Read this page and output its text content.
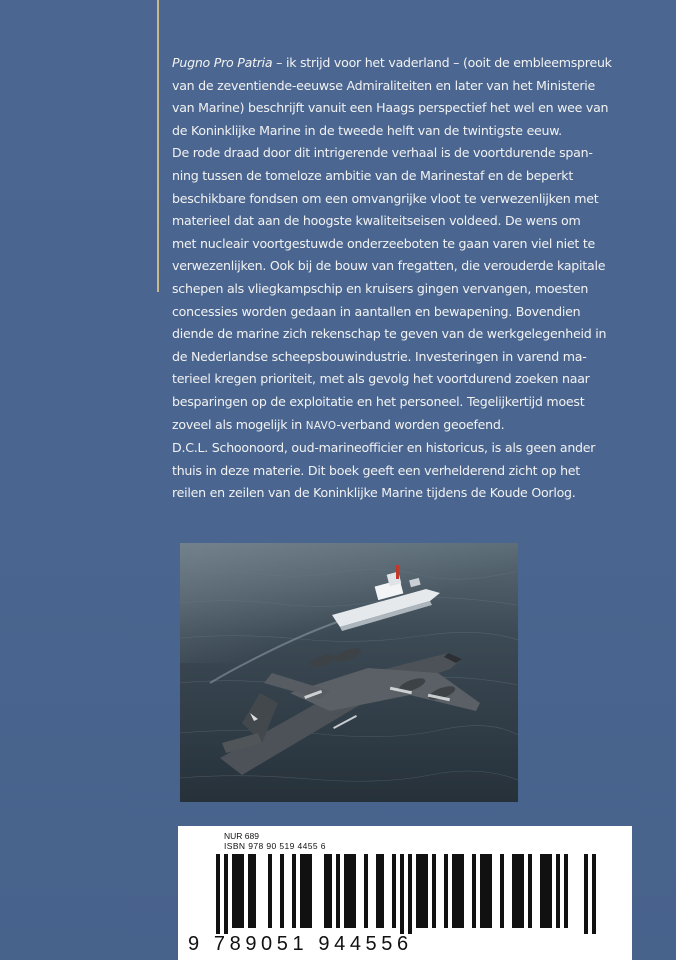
Pugno Pro Patria – ik strijd voor het vaderland – (ooit de embleemspreuk
van de zeventiende-eeuwse Admiraliteiten en later van het Ministerie
van Marine) beschrijft vanuit een Haags perspectief het wel en wee van
de Koninklijke Marine in de tweede helft van de twintigste eeuw.

De rode draad door dit intrigerende verhaal is de voortdurende span-
ning tussen de tomeloze ambitie van de Marinestaf en de beperkt
beschikbare fondsen om een omvangrijke vloot te verwezenlijken met
materieel dat aan de hoogste kwaliteitseisen voldeed. De wens om
met nucleair voortgestuwde onderzeeboten te gaan varen viel niet te
verwezenlijken. Ook bij de bouw van fregatten, die verouderde kapitale
schepen als vliegkampschip en kruisers gingen vervangen, moesten
concessies worden gedaan in aantallen en bewapening. Bovendien
diende de marine zich rekenschap te geven van de werkgelegenheid in
de Nederlandse scheepsbouwindustrie. Investeringen in varend ma-
terieel kregen prioriteit, met als gevolg het voortdurend zoeken naar
besparingen op de exploitatie en het personeel. Tegelijkertijd moest
zoveel als mogelijk in NAVO-verband worden geoefend.

D.C.L. Schoonoord, oud-marineofficier en historicus, is als geen ander
thuis in deze materie. Dit boek geeft een verhelderend zicht op het
reilen en zeilen van de Koninklijke Marine tijdens de Koude Oorlog.

NUR 689
ISBN 978 90 519 4455 6
9 789051 944556
